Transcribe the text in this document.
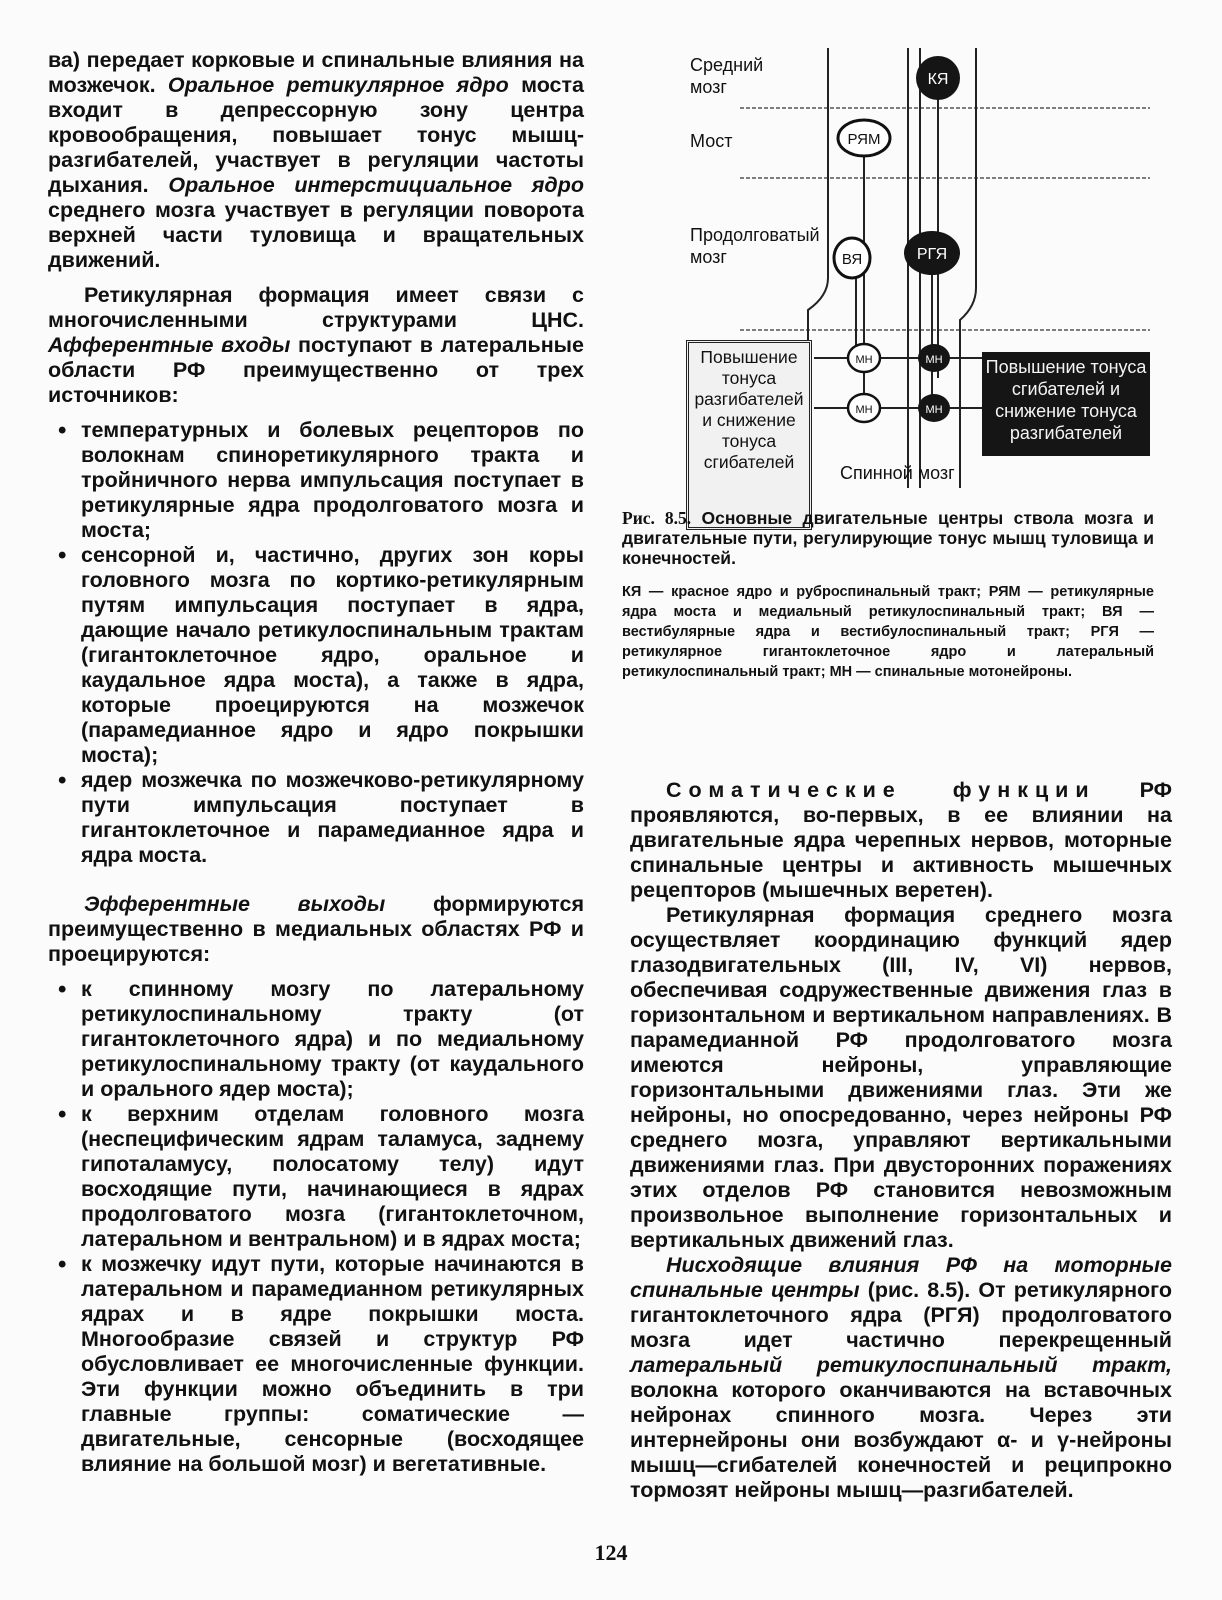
ва) передает корковые и спинальные влияния на мозжечок. Оральное ретикулярное ядро моста входит в депрессорную зону центра кровообращения, повышает тонус мышц-разгибателей, участвует в регуляции частоты дыхания. Оральное интерстициальное ядро среднего мозга участвует в регуляции поворота верхней части туловища и вращательных движений.

Ретикулярная формация имеет связи с многочисленными структурами ЦНС. Афферентные входы поступают в латеральные области РФ преимущественно от трех источников:

• температурных и болевых рецепторов по волокнам спиноретикулярного тракта и тройничного нерва импульсация поступает в ретикулярные ядра продолговатого мозга и моста;
• сенсорной и, частично, других зон коры головного мозга по кортико-ретикулярным путям импульсация поступает в ядра, дающие начало ретикулоспинальным трактам (гигантоклеточное ядро, оральное и каудальное ядра моста), а также в ядра, которые проецируются на мозжечок (парамедианное ядро и ядро покрышки моста);
• ядер мозжечка по мозжечково-ретикулярному пути импульсация поступает в гигантоклеточное и парамедианное ядра и ядра моста.

Эфферентные выходы формируются преимущественно в медиальных областях РФ и проецируются:

• к спинному мозгу по латеральному ретикулоспинальному тракту (от гигантоклеточного ядра) и по медиальному ретикулоспинальному тракту (от каудального и орального ядер моста);
• к верхним отделам головного мозга (неспецифическим ядрам таламуса, заднему гипоталамусу, полосатому телу) идут восходящие пути, начинающиеся в ядрах продолговатого мозга (гигантоклеточном, латеральном и вентральном) и в ядрах моста;
• к мозжечку идут пути, которые начинаются в латеральном и парамедианном ретикулярных ядрах и в ядре покрышки моста. Многообразие связей и структур РФ обусловливает ее многочисленные функции. Эти функции можно объединить в три главные группы: соматические — двигательные, сенсорные (восходящее влияние на большой мозг) и вегетативные.
КЯ
РЯМ
ВЯ	РГЯ
МН
МН
МН
МН
Средний мозг
Мост
Продолговатый мозг
Повышение тонуса разгибателей и снижение тонуса сгибателей
Повышение тонуса сгибателей и снижение тонуса разгибателей
Спинной мозг
Рис. 8.5. Основные двигательные центры ствола мозга и двигательные пути, регулирующие тонус мышц туловища и конечностей.
КЯ — красное ядро и руброспинальный тракт; РЯМ — ретикулярные ядра моста и медиальный ретикулоспинальный тракт; ВЯ — вестибулярные ядра и вестибулоспинальный тракт; РГЯ — ретикулярное гигантоклеточное ядро и латеральный ретикулоспинальный тракт; МН — спинальные мотонейроны.

Соматические функции РФ проявляются, во-первых, в ее влиянии на двигательные ядра черепных нервов, моторные спинальные центры и активность мышечных рецепторов (мышечных веретен).

Ретикулярная формация среднего мозга осуществляет координацию функций ядер глазодвигательных (III, IV, VI) нервов, обеспечивая содружественные движения глаз в горизонтальном и вертикальном направлениях. В парамедианной РФ продолговатого мозга имеются нейроны, управляющие горизонтальными движениями глаз. Эти же нейроны, но опосредованно, через нейроны РФ среднего мозга, управляют вертикальными движениями глаз. При двусторонних поражениях этих отделов РФ становится невозможным произвольное выполнение горизонтальных и вертикальных движений глаз.

Нисходящие влияния РФ на моторные спинальные центры (рис. 8.5). От ретикулярного гигантоклеточного ядра (РГЯ) продолговатого мозга идет частично перекрещенный латеральный ретикулоспинальный тракт, волокна которого оканчиваются на вставочных нейронах спинного мозга. Через эти интернейроны они возбуждают α- и γ-нейроны мышц—сгибателей конечностей и реципрокно тормозят нейроны мышц—разгибателей.

124
